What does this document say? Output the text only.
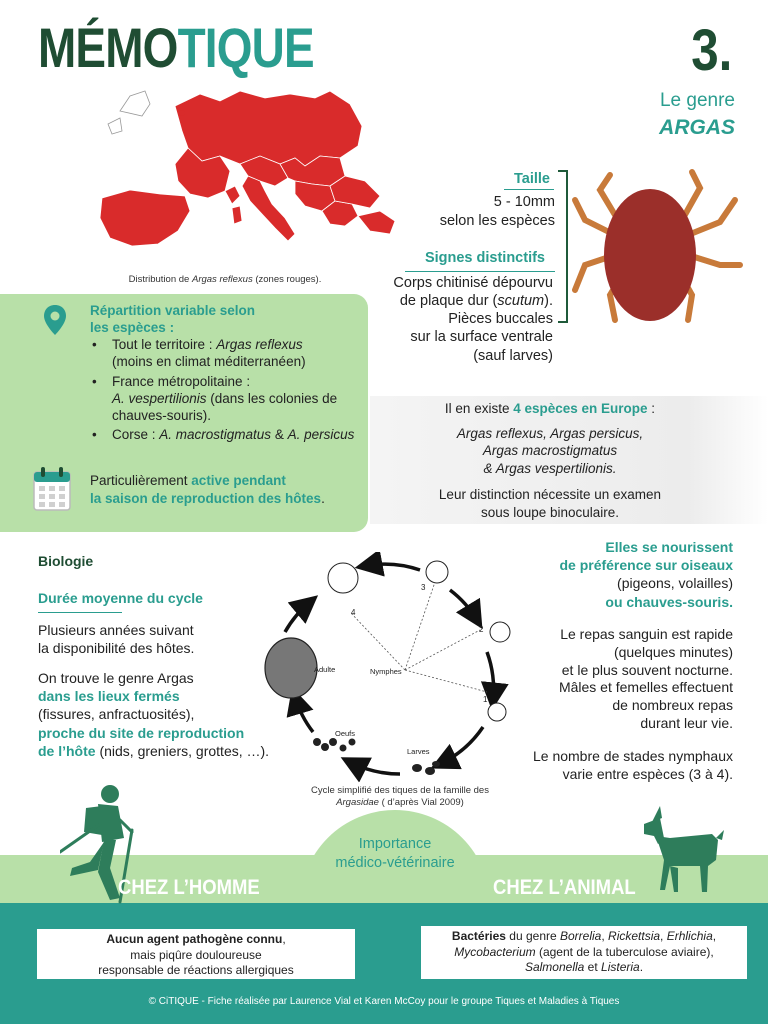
MÉMOTIQUE	3.
Le genre
ARGAS
Distribution de Argas reflexus (zones rouges).
Taille
5 - 10mm
selon les espèces
Signes distinctifs
Corps chitinisé dépourvu
de plaque dur (scutum).
Pièces buccales
sur la surface ventrale
(sauf larves)
Répartition variable selon
les espèces :
• Tout le territoire : Argas reflexus
(moins en climat méditerranéen)
• France métropolitaine :
A. vespertilionis (dans les colonies de chauves-souris).
• Corse : A. macrostigmatus & A. persicus
Particulièrement active pendant
la saison de reproduction des hôtes.
Il en existe 4 espèces en Europe :
Argas reflexus, Argas persicus,
Argas macrostigmatus
& Argas vespertilionis.
Leur distinction nécessite un examen
sous loupe binoculaire.
Biologie
Durée moyenne du cycle
Plusieurs années suivant
la disponibilité des hôtes.
On trouve le genre Argas
dans les lieux fermés
(fissures, anfractuosités),
proche du site de reproduction
de l’hôte (nids, greniers, grottes, …).
4
3
2
1
Adulte	Nymphes
Oeufs
Larves
Cycle simplifié des tiques de la famille des
Argasidae ( d’après Vial 2009)
Elles se nourissent
de préférence sur oiseaux
(pigeons, volailles)
ou chauves-souris.
Le repas sanguin est rapide
(quelques minutes)
et le plus souvent nocturne.
Mâles et femelles effectuent
de nombreux repas
durant leur vie.
Le nombre de stades nymphaux
varie entre espèces (3 à 4).
Importance
médico-vétérinaire
CHEZ L’HOMME	CHEZ L’ANIMAL
Aucun agent pathogène connu,
mais piqûre douloureuse
responsable de réactions allergiques
Bactéries du genre Borrelia, Rickettsia, Erhlichia,
Mycobacterium (agent de la tuberculose aviaire),
Salmonella et Listeria.
© CiTIQUE - Fiche réalisée par Laurence Vial et Karen McCoy pour le groupe Tiques et Maladies à Tiques
